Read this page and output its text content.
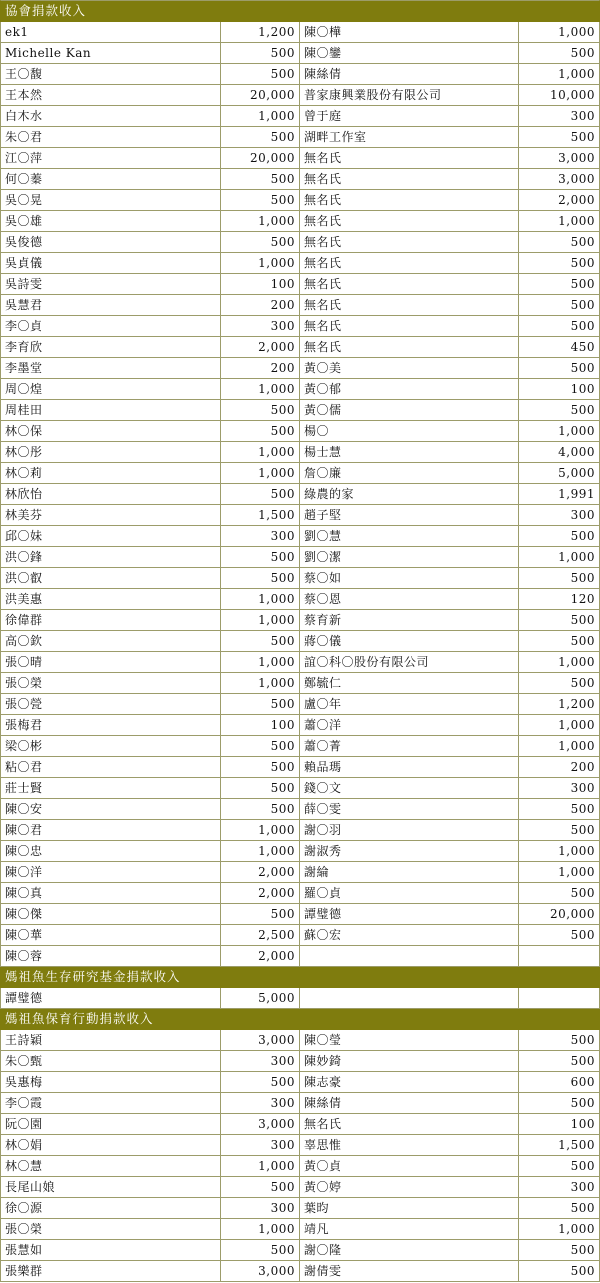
協會捐款收入			
ek1	1,200	陳〇樺	1,000
Michelle Kan	500	陳〇鑾	500
王〇馥	500	陳絲倩	1,000
王本然	20,000	普家康興業股份有限公司	10,000
白木水	1,000	曾于庭	300
朱〇君	500	湖畔工作室	500
江〇萍	20,000	無名氏	3,000
何〇蓁	500	無名氏	3,000
吳〇晃	500	無名氏	2,000
吳〇雄	1,000	無名氏	1,000
吳俊德	500	無名氏	500
吳貞儀	1,000	無名氏	500
吳詩雯	100	無名氏	500
吳慧君	200	無名氏	500
李〇貞	300	無名氏	500
李育欣	2,000	無名氏	450
李墨堂	200	黃〇美	500
周〇煌	1,000	黃〇郁	100
周桂田	500	黃〇儒	500
林〇保	500	楊〇	1,000
林〇彤	1,000	楊士慧	4,000
林〇莉	1,000	詹〇廉	5,000
林欣怡	500	綠農的家	1,991
林美芬	1,500	趙子堅	300
邱〇妹	300	劉〇慧	500
洪〇鋒	500	劉〇潔	1,000
洪〇叡	500	蔡〇如	500
洪美惠	1,000	蔡〇恩	120
徐偉群	1,000	蔡育新	500
高〇欽	500	蔣〇儀	500
張〇晴	1,000	誼〇科〇股份有限公司	1,000
張〇榮	1,000	鄭毓仁	500
張〇甇	500	盧〇年	1,200
張梅君	100	蕭〇洋	1,000
梁〇彬	500	蕭〇菁	1,000
粘〇君	500	賴品瑪	200
莊士賢	500	錢〇文	300
陳〇安	500	薛〇雯	500
陳〇君	1,000	謝〇羽	500
陳〇忠	1,000	謝淑秀	1,000
陳〇洋	2,000	謝綸	1,000
陳〇真	2,000	羅〇貞	500
陳〇傑	500	譚璧德	20,000
陳〇華	2,500	蘇〇宏	500
陳〇蓉	2,000		
媽祖魚生存研究基金捐款收入			
譚璧德	5,000		
媽祖魚保育行動捐款收入			
王詩穎	3,000	陳〇瑩	500
朱〇甄	300	陳妙錡	500
吳惠梅	500	陳志豪	600
李〇霞	300	陳絲倩	500
阮〇園	3,000	無名氏	100
林〇娟	300	辜思惟	1,500
林〇慧	1,000	黃〇貞	500
長尾山娘	500	黃〇婷	300
徐〇源	300	葉昀	500
張〇榮	1,000	靖凡	1,000
張慧如	500	謝〇隆	500
張樂群	3,000	謝倩雯	500
